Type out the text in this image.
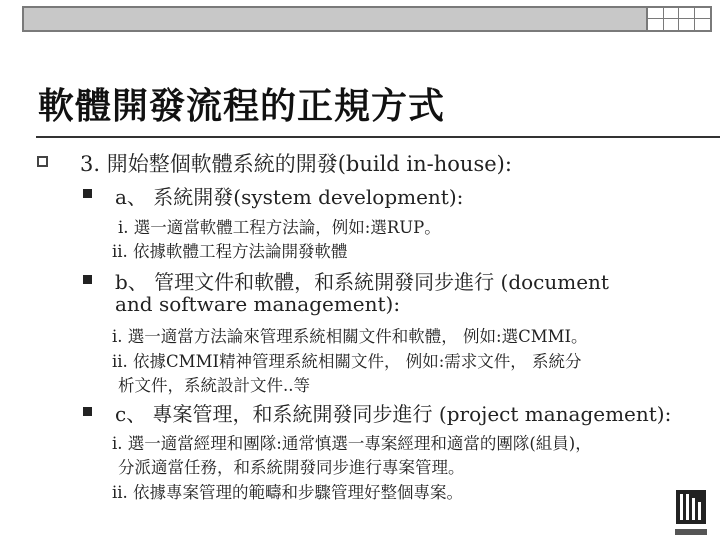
軟體開發流程的正規方式
3. 開始整個軟體系統的開發(build in-house):
a、 系統開發(system development):
i. 選一適當軟體工程方法論，例如:選RUP。
ii. 依據軟體工程方法論開發軟體
b、 管理文件和軟體，和系統開發同步進行 (document
and software management):
i. 選一適當方法論來管理系統相關文件和軟體， 例如:選CMMI。
ii. 依據CMMI精神管理系統相關文件， 例如:需求文件， 系統分
析文件，系統設計文件..等
c、 專案管理，和系統開發同步進行 (project management):
i. 選一適當經理和團隊:通常慎選一專案經理和適當的團隊(組員)，
分派適當任務，和系統開發同步進行專案管理。
ii. 依據專案管理的範疇和步驟管理好整個專案。
